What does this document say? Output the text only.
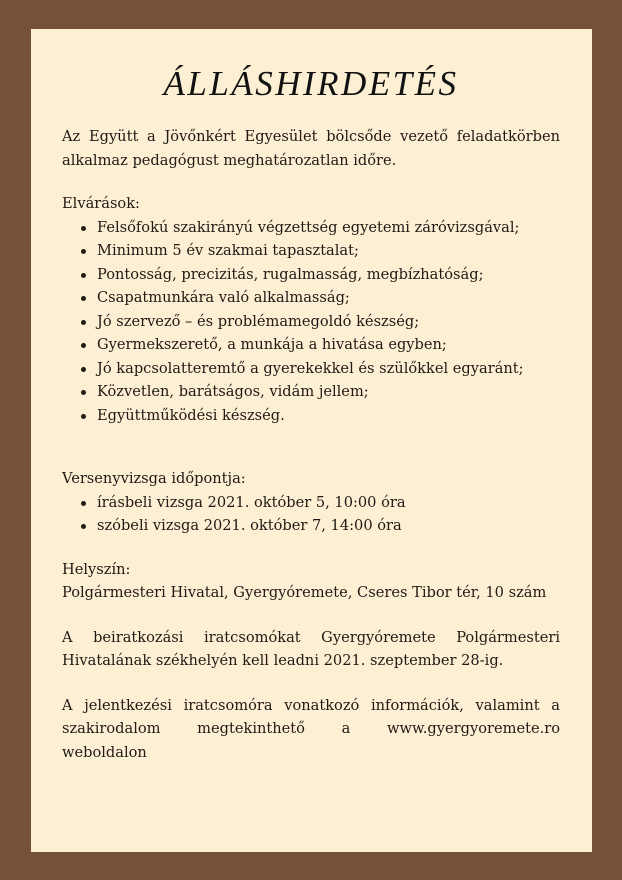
ÁLLÁSHIRDETÉS

Az Együtt a Jövőnkért Egyesület bölcsőde vezető feladatkörben alkalmaz pedagógust meghatározatlan időre.

Elvárások:

Felsőfokú szakirányú végzettség egyetemi záróvizsgával;
Minimum 5 év szakmai tapasztalat;
Pontosság, precizitás, rugalmasság, megbízhatóság;
Csapatmunkára való alkalmasság;
Jó szervező – és problémamegoldó készség;
Gyermekszerető, a munkája a hivatása egyben;
Jó kapcsolatteremtő a gyerekekkel és szülőkkel egyaránt;
Közvetlen, barátságos, vidám jellem;
Együttműködési készség.

Versenyvizsga időpontja:

írásbeli vizsga 2021. október 5, 10:00 óra
szóbeli vizsga 2021. október 7, 14:00 óra

Helyszín:

Polgármesteri Hivatal, Gyergyóremete, Cseres Tibor tér, 10 szám

A beiratkozási iratcsomókat Gyergyóremete Polgármesteri Hivatalának székhelyén kell leadni 2021. szeptember 28-ig.

A jelentkezési iratcsomóra vonatkozó információk, valamint a
szakirodalom megtekinthető a www.gyergyoremete.ro
weboldalon
